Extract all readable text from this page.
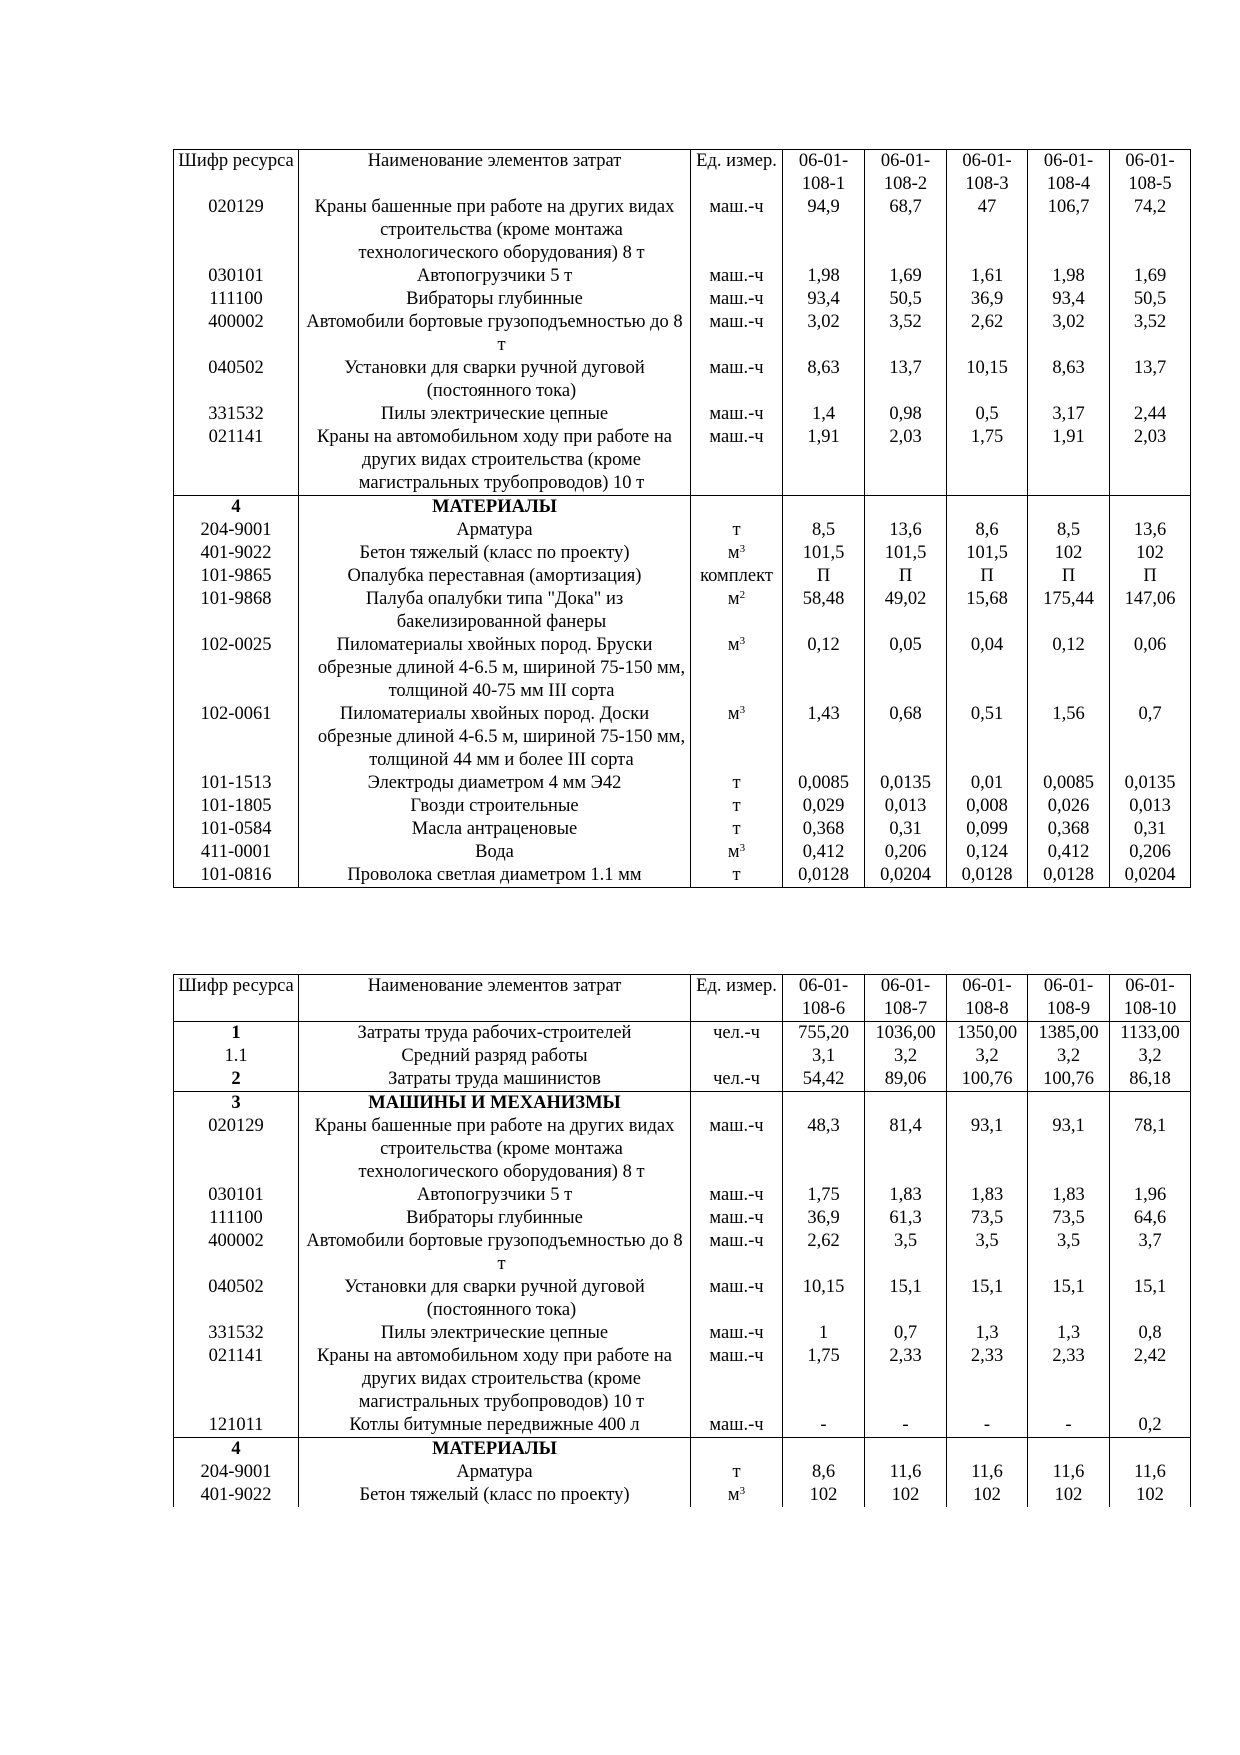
Шифр ресурса	Наименование элементов затрат	Ед. измер.	06-01-108-1	06-01-108-2	06-01-108-3	06-01-108-4	06-01-108-5
020129	Краны башенные при работе на других видах строительства (кроме монтажа технологического оборудования) 8 т	маш.-ч	94,9	68,7	47	106,7	74,2
030101	Автопогрузчики 5 т	маш.-ч	1,98	1,69	1,61	1,98	1,69
111100	Вибраторы глубинные	маш.-ч	93,4	50,5	36,9	93,4	50,5
400002	Автомобили бортовые грузоподъемностью до 8 т	маш.-ч	3,02	3,52	2,62	3,02	3,52
040502	Установки для сварки ручной дуговой (постоянного тока)	маш.-ч	8,63	13,7	10,15	8,63	13,7
331532	Пилы электрические цепные	маш.-ч	1,4	0,98	0,5	3,17	2,44
021141	Краны на автомобильном ходу при работе на других видах строительства (кроме магистральных трубопроводов) 10 т	маш.-ч	1,91	2,03	1,75	1,91	2,03
4	МАТЕРИАЛЫ						
204-9001	Арматура	т	8,5	13,6	8,6	8,5	13,6
401-9022	Бетон тяжелый (класс по проекту)	$м^3$	101,5	101,5	101,5	102	102
101-9865	Опалубка переставная (амортизация)	комплект	П	П	П	П	П
101-9868	Палуба опалубки типа "Дока" из бакелизированной фанеры	$м^2$	58,48	49,02	15,68	175,44	147,06
102-0025	Пиломатериалы хвойных пород. Бруски обрезные длиной 4-6.5 м, шириной 75-150 мм, толщиной 40-75 мм III сорта	$м^3$	0,12	0,05	0,04	0,12	0,06
102-0061	Пиломатериалы хвойных пород. Доски обрезные длиной 4-6.5 м, шириной 75-150 мм, толщиной 44 мм и более III сорта	$м^3$	1,43	0,68	0,51	1,56	0,7
101-1513	Электроды диаметром 4 мм Э42	т	0,0085	0,0135	0,01	0,0085	0,0135
101-1805	Гвозди строительные	т	0,029	0,013	0,008	0,026	0,013
101-0584	Масла антраценовые	т	0,368	0,31	0,099	0,368	0,31
411-0001	Вода	$м^3$	0,412	0,206	0,124	0,412	0,206
101-0816	Проволока светлая диаметром 1.1 мм	т	0,0128	0,0204	0,0128	0,0128	0,0204
Шифр ресурса	Наименование элементов затрат	Ед. измер.	06-01-108-6	06-01-108-7	06-01-108-8	06-01-108-9	06-01-108-10
1	Затраты труда рабочих-строителей	чел.-ч	755,20	1036,00	1350,00	1385,00	1133,00
1.1	Средний разряд работы		3,1	3,2	3,2	3,2	3,2
2	Затраты труда машинистов	чел.-ч	54,42	89,06	100,76	100,76	86,18
3	МАШИНЫ И МЕХАНИЗМЫ						
020129	Краны башенные при работе на других видах строительства (кроме монтажа технологического оборудования) 8 т	маш.-ч	48,3	81,4	93,1	93,1	78,1
030101	Автопогрузчики 5 т	маш.-ч	1,75	1,83	1,83	1,83	1,96
111100	Вибраторы глубинные	маш.-ч	36,9	61,3	73,5	73,5	64,6
400002	Автомобили бортовые грузоподъемностью до 8 т	маш.-ч	2,62	3,5	3,5	3,5	3,7
040502	Установки для сварки ручной дуговой (постоянного тока)	маш.-ч	10,15	15,1	15,1	15,1	15,1
331532	Пилы электрические цепные	маш.-ч	1	0,7	1,3	1,3	0,8
021141	Краны на автомобильном ходу при работе на других видах строительства (кроме магистральных трубопроводов) 10 т	маш.-ч	1,75	2,33	2,33	2,33	2,42
121011	Котлы битумные передвижные 400 л	маш.-ч	-	-	-	-	0,2
4	МАТЕРИАЛЫ						
204-9001	Арматура	т	8,6	11,6	11,6	11,6	11,6
401-9022	Бетон тяжелый (класс по проекту)	$м^3$	102	102	102	102	102
